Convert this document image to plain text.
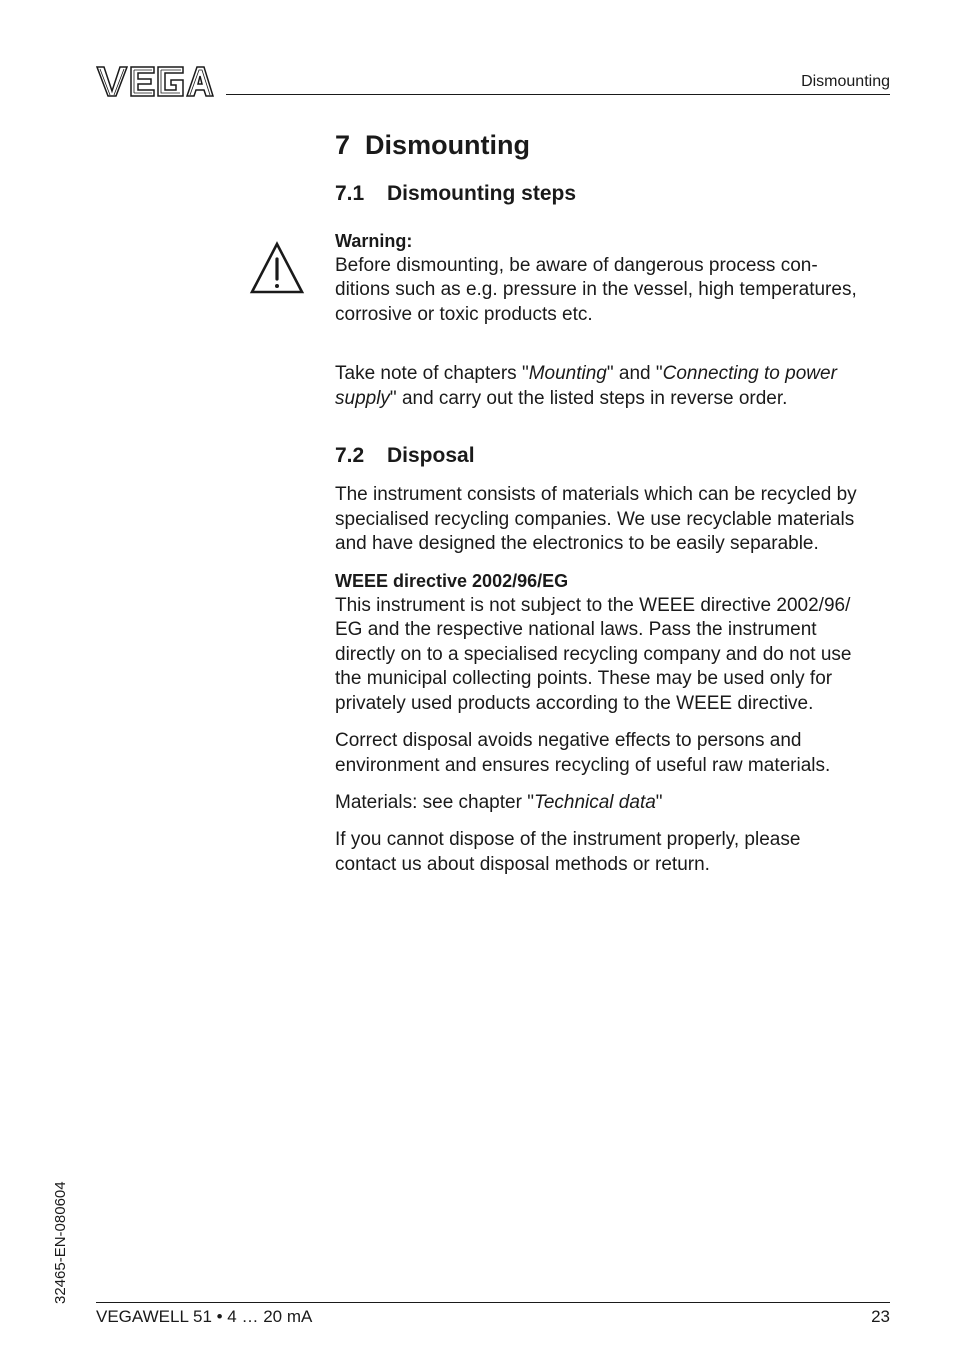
Dismounting
7 Dismounting
7.1 Dismounting steps
Warning:
Before dismounting, be aware of dangerous process con-
ditions such as e.g. pressure in the vessel, high temperatures,
corrosive or toxic products etc.
Take note of chapters "Mounting" and "Connecting to power
supply" and carry out the listed steps in reverse order.
7.2 Disposal
The instrument consists of materials which can be recycled by
specialised recycling companies. We use recyclable materials
and have designed the electronics to be easily separable.
WEEE directive 2002/96/EG
This instrument is not subject to the WEEE directive 2002/96/
EG and the respective national laws. Pass the instrument
directly on to a specialised recycling company and do not use
the municipal collecting points. These may be used only for
privately used products according to the WEEE directive.
Correct disposal avoids negative effects to persons and
environment and ensures recycling of useful raw materials.
Materials: see chapter "Technical data"
If you cannot dispose of the instrument properly, please
contact us about disposal methods or return.
32465-EN-080604
VEGAWELL 51 • 4 … 20 mA	23
